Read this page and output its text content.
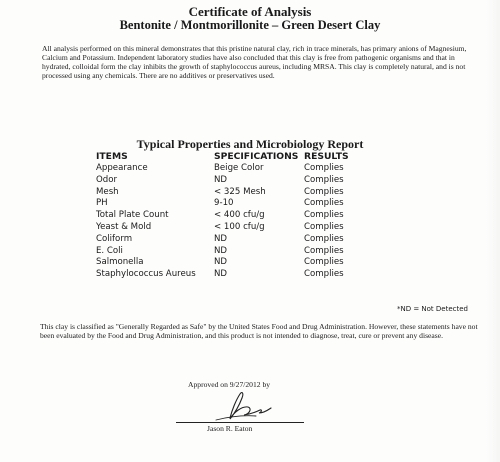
Certificate of Analysis
Bentonite / Montmorillonite – Green Desert Clay
All analysis performed on this mineral demonstrates that this pristine natural clay, rich in trace minerals, has primary anions of Magnesium, Calcium and Potassium. Independent laboratory studies have also concluded that this clay is free from pathogenic organisms and that in hydrated, colloidal form the clay inhibits the growth of staphylococcus aureus, including MRSA. This clay is completely natural, and is not processed using any chemicals. There are no additives or preservatives used.
Typical Properties and Microbiology Report
ITEMS	SPECIFICATIONS	RESULTS
Appearance	Beige Color	Complies
Odor	ND	Complies
Mesh	< 325 Mesh	Complies
PH	9-10	Complies
Total Plate Count	< 400 cfu/g	Complies
Yeast & Mold	< 100 cfu/g	Complies
Coliform	ND	Complies
E. Coli	ND	Complies
Salmonella	ND	Complies
Staphylococcus Aureus	ND	Complies
*ND = Not Detected
This clay is classified as "Generally Regarded as Safe" by the United States Food and Drug Administration. However, these statements have not been evaluated by the Food and Drug Administration, and this product is not intended to diagnose, treat, cure or prevent any disease.
Approved on 9/27/2012 by
Jason R. Eaton
